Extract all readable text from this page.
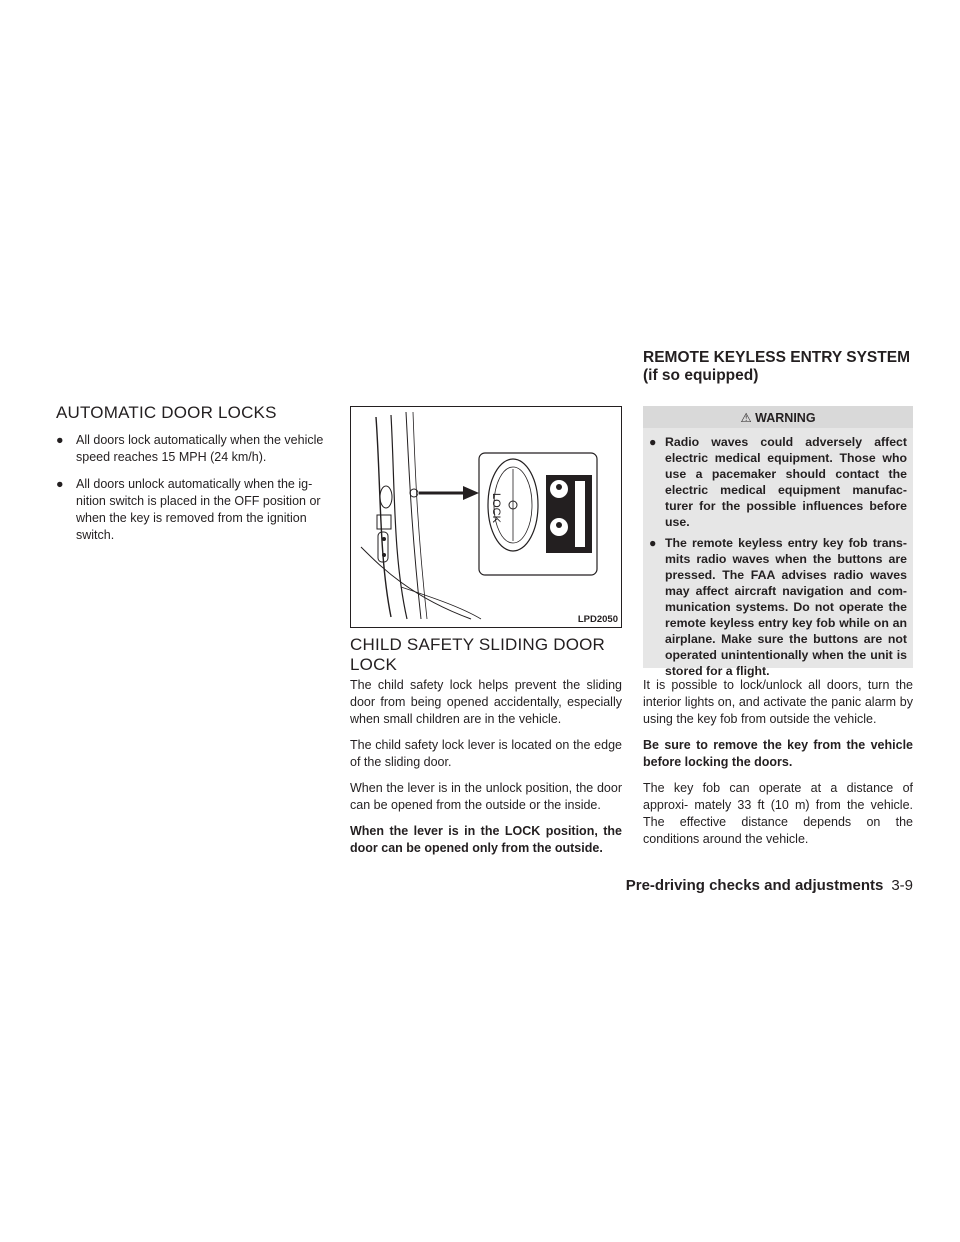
AUTOMATIC DOOR LOCKS
● All doors lock automatically when the vehicle speed reaches 15 MPH (24 km/h).
● All doors unlock automatically when the ig- nition switch is placed in the OFF position or when the key is removed from the ignition switch.
LOCK
LPD2050
CHILD SAFETY SLIDING DOOR
LOCK

The child safety lock helps prevent the sliding door from being opened accidentally, especially when small children are in the vehicle.

The child safety lock lever is located on the edge of the sliding door.

When the lever is in the unlock position, the door can be opened from the outside or the inside.

When the lever is in the LOCK position, the door can be opened only from the outside.

REMOTE KEYLESS ENTRY SYSTEM
(if so equipped)
⚠ WARNING
● Radio waves could adversely affect electric medical equipment. Those who use a pacemaker should contact the electric medical equipment manufac- turer for the possible influences before use.
● The remote keyless entry key fob trans- mits radio waves when the buttons are pressed. The FAA advises radio waves may affect aircraft navigation and com- munication systems. Do not operate the remote keyless entry key fob while on an airplane. Make sure the buttons are not operated unintentionally when the unit is stored for a flight.

It is possible to lock/unlock all doors, turn the interior lights on, and activate the panic alarm by using the key fob from outside the vehicle.

Be sure to remove the key from the vehicle before locking the doors.

The key fob can operate at a distance of approxi- mately 33 ft (10 m) from the vehicle. The effective distance depends on the conditions around the vehicle.

Pre-driving checks and adjustments 3-9
